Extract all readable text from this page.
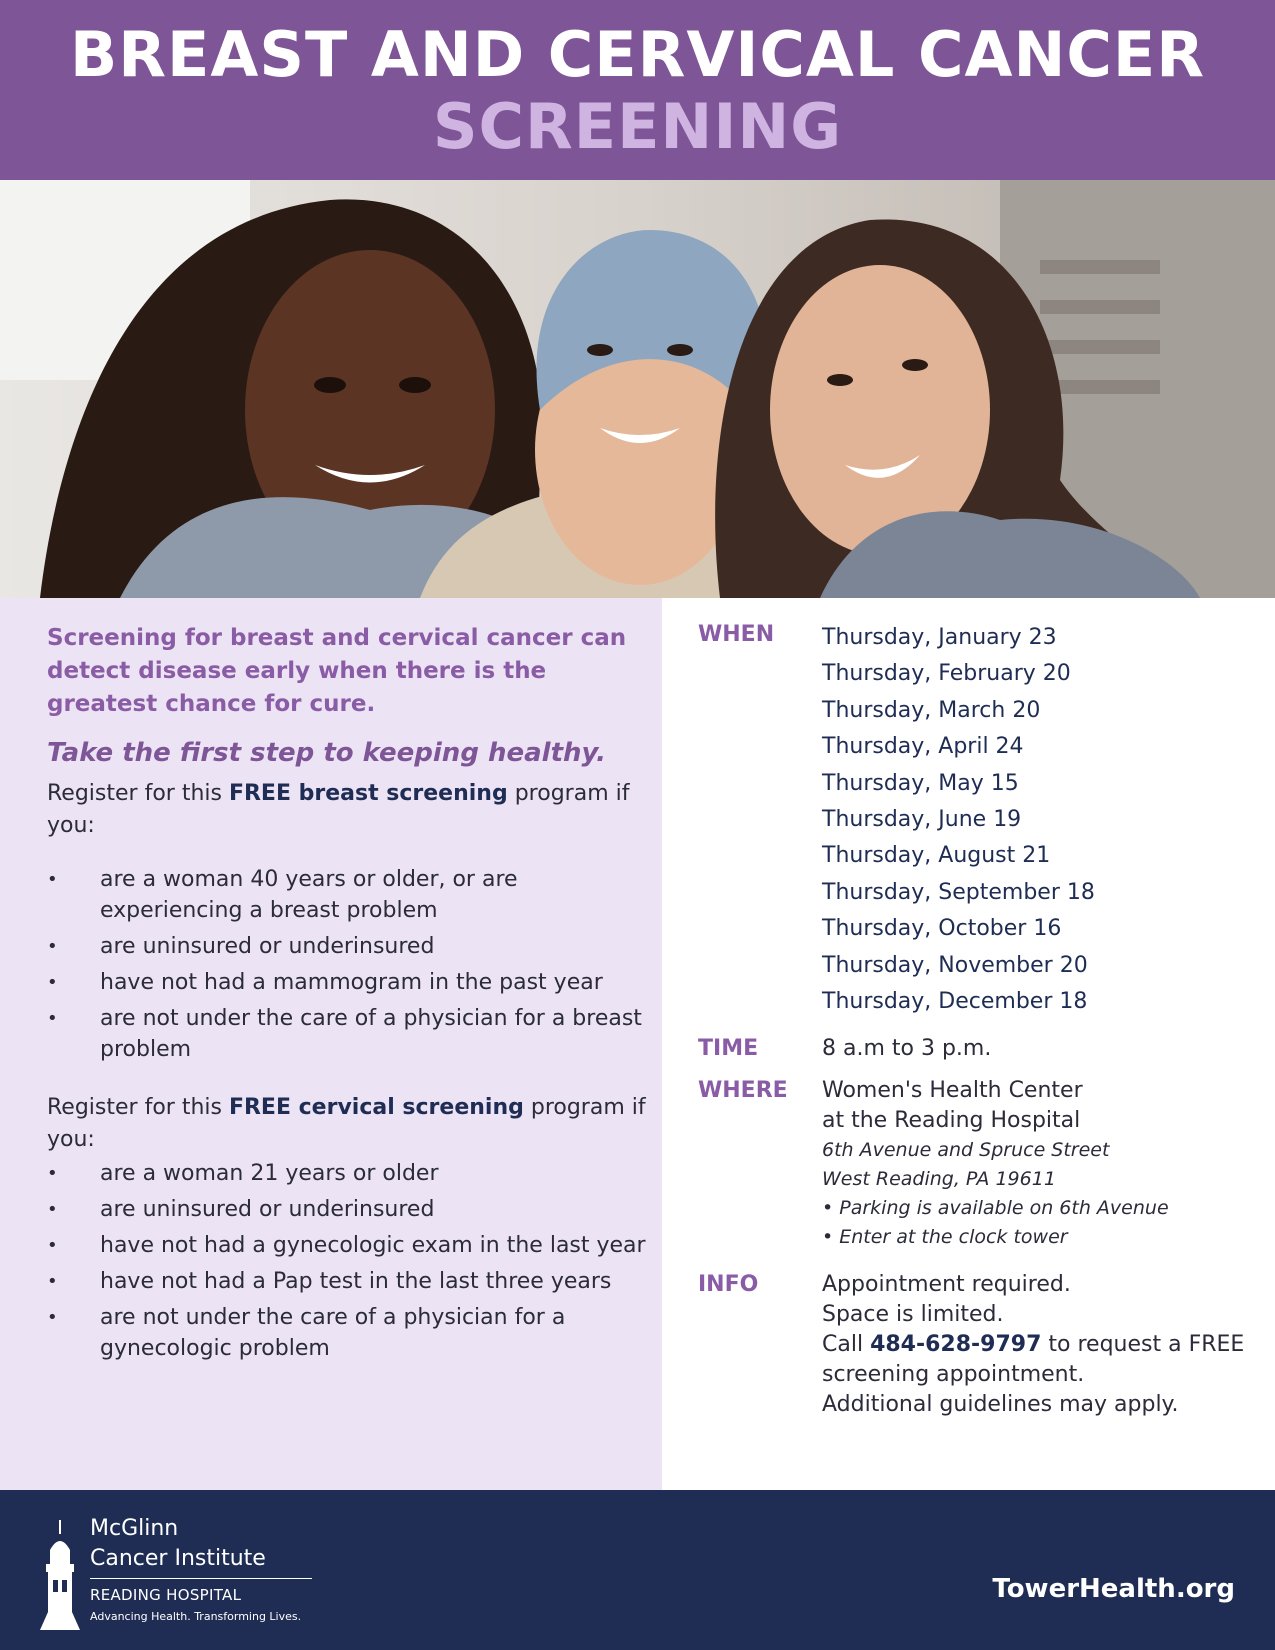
BREAST AND CERVICAL CANCER
SCREENING
Screening for breast and cervical cancer can detect disease early when there is the greatest chance for cure.
Take the first step to keeping healthy.
Register for this FREE breast screening program if you:
• are a woman 40 years or older, or are experiencing a breast problem
• are uninsured or underinsured
• have not had a mammogram in the past year
• are not under the care of a physician for a breast problem
Register for this FREE cervical screening program if you:
• are a woman 21 years or older
• are uninsured or underinsured
• have not had a gynecologic exam in the last year
• have not had a Pap test in the last three years
• are not under the care of a physician for a gynecologic problem
WHEN Thursday, January 23
Thursday, February 20
Thursday, March 20
Thursday, April 24
Thursday, May 15
Thursday, June 19
Thursday, August 21
Thursday, September 18
Thursday, October 16
Thursday, November 20
Thursday, December 18
TIME	8 a.m to 3 p.m.
WHERE Women's Health Center
at the Reading Hospital
6th Avenue and Spruce Street
West Reading, PA 19611
• Parking is available on 6th Avenue
• Enter at the clock tower
INFO	Appointment required.
Space is limited.
Call 484-628-9797 to request a FREE screening appointment.
Additional guidelines may apply.
McGlinn
Cancer Institute
READING HOSPITAL
Advancing Health. Transforming Lives.
TowerHealth.org
